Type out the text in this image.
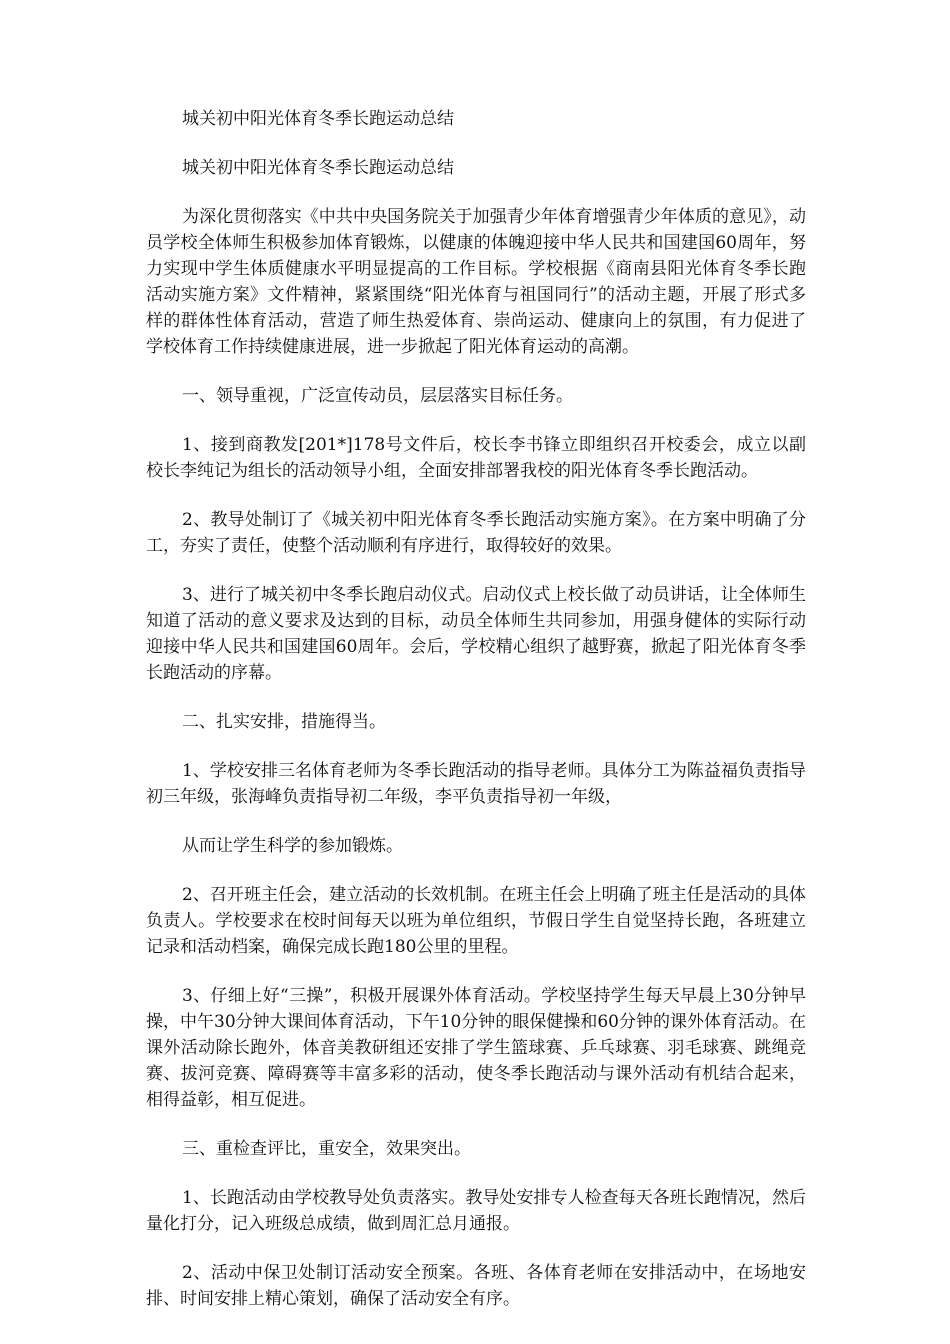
城关初中阳光体育冬季长跑运动总结

城关初中阳光体育冬季长跑运动总结

为深化贯彻落实《中共中央国务院关于加强青少年体育增强青少年体质的意见》，动员学校全体师生积极参加体育锻炼，以健康的体魄迎接中华人民共和国建国60周年，努力实现中学生体质健康水平明显提高的工作目标。学校根据《商南县阳光体育冬季长跑活动实施方案》文件精神，紧紧围绕“阳光体育与祖国同行”的活动主题，开展了形式多样的群体性体育活动，营造了师生热爱体育、崇尚运动、健康向上的氛围，有力促进了学校体育工作持续健康进展，进一步掀起了阳光体育运动的高潮。

一、领导重视，广泛宣传动员，层层落实目标任务。

1、接到商教发[201*]178号文件后，校长李书锋立即组织召开校委会，成立以副校长李纯记为组长的活动领导小组，全面安排部署我校的阳光体育冬季长跑活动。

2、教导处制订了《城关初中阳光体育冬季长跑活动实施方案》。在方案中明确了分工，夯实了责任，使整个活动顺利有序进行，取得较好的效果。

3、进行了城关初中冬季长跑启动仪式。启动仪式上校长做了动员讲话，让全体师生知道了活动的意义要求及达到的目标，动员全体师生共同参加，用强身健体的实际行动迎接中华人民共和国建国60周年。会后，学校精心组织了越野赛，掀起了阳光体育冬季长跑活动的序幕。

二、扎实安排，措施得当。

1、学校安排三名体育老师为冬季长跑活动的指导老师。具体分工为陈益福负责指导初三年级，张海峰负责指导初二年级，李平负责指导初一年级，

从而让学生科学的参加锻炼。

2、召开班主任会，建立活动的长效机制。在班主任会上明确了班主任是活动的具体负责人。学校要求在校时间每天以班为单位组织，节假日学生自觉坚持长跑，各班建立记录和活动档案，确保完成长跑180公里的里程。

3、仔细上好“三操”，积极开展课外体育活动。学校坚持学生每天早晨上30分钟早操，中午30分钟大课间体育活动，下午10分钟的眼保健操和60分钟的课外体育活动。在课外活动除长跑外，体音美教研组还安排了学生篮球赛、乒乓球赛、羽毛球赛、跳绳竞赛、拔河竞赛、障碍赛等丰富多彩的活动，使冬季长跑活动与课外活动有机结合起来，相得益彰，相互促进。

三、重检查评比，重安全，效果突出。

1、长跑活动由学校教导处负责落实。教导处安排专人检查每天各班长跑情况，然后量化打分，记入班级总成绩，做到周汇总月通报。

2、活动中保卫处制订活动安全预案。各班、各体育老师在安排活动中，在场地安排、时间安排上精心策划，确保了活动安全有序。
